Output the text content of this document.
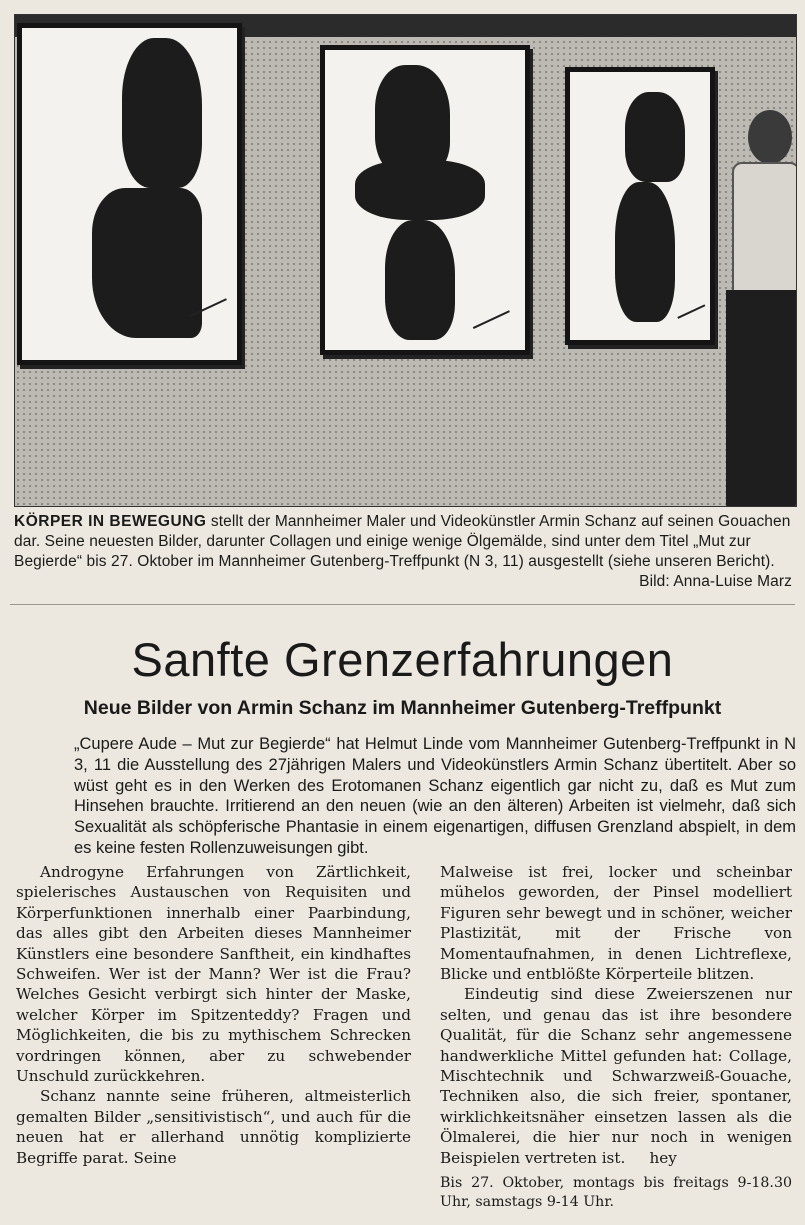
KÖRPER IN BEWEGUNG stellt der Mannheimer Maler und Videokünstler Armin Schanz auf seinen Gouachen dar. Seine neuesten Bilder, darunter Collagen und einige wenige Ölgemälde, sind unter dem Titel „Mut zur Begierde“ bis 27. Oktober im Mannheimer Gutenberg-Treffpunkt (N 3, 11) ausgestellt (siehe unseren Bericht).
Bild: Anna-Luise Marz
Sanfte Grenzerfahrungen
Neue Bilder von Armin Schanz im Mannheimer Gutenberg-Treffpunkt

„Cupere Aude – Mut zur Begierde“ hat Helmut Linde vom Mannheimer Gutenberg-Treffpunkt in N 3, 11 die Ausstellung des 27jährigen Malers und Videokünstlers Armin Schanz übertitelt. Aber so wüst geht es in den Werken des Erotomanen Schanz eigentlich gar nicht zu, daß es Mut zum Hinsehen brauchte. Irritierend an den neuen (wie an den älteren) Arbeiten ist vielmehr, daß sich Sexualität als schöpferische Phantasie in einem eigenartigen, diffusen Grenzland abspielt, in dem es keine festen Rollenzuweisungen gibt.

Androgyne Erfahrungen von Zärtlichkeit, spielerisches Austauschen von Requisiten und Körperfunktionen innerhalb einer Paarbindung, das alles gibt den Arbeiten dieses Mannheimer Künstlers eine besondere Sanftheit, ein kindhaftes Schweifen. Wer ist der Mann? Wer ist die Frau? Welches Gesicht verbirgt sich hinter der Maske, welcher Körper im Spitzenteddy? Fragen und Möglichkeiten, die bis zu mythischem Schrecken vordringen können, aber zu schwebender Unschuld zurückkehren.

Schanz nannte seine früheren, altmeisterlich gemalten Bilder „sensitivistisch“, und auch für die neuen hat er allerhand unnötig komplizierte Begriffe parat. Seine

Malweise ist frei, locker und scheinbar mühelos geworden, der Pinsel modelliert Figuren sehr bewegt und in schöner, weicher Plastizität, mit der Frische von Momentaufnahmen, in denen Lichtreflexe, Blicke und entblößte Körperteile blitzen.

Eindeutig sind diese Zweierszenen nur selten, und genau das ist ihre besondere Qualität, für die Schanz sehr angemessene handwerkliche Mittel gefunden hat: Collage, Mischtechnik und Schwarzweiß-Gouache, Techniken also, die sich freier, spontaner, wirklichkeitsnäher einsetzen lassen als die Ölmalerei, die hier nur noch in wenigen Beispielen vertreten ist. hey

Bis 27. Oktober, montags bis freitags 9-18.30 Uhr, samstags 9-14 Uhr.
